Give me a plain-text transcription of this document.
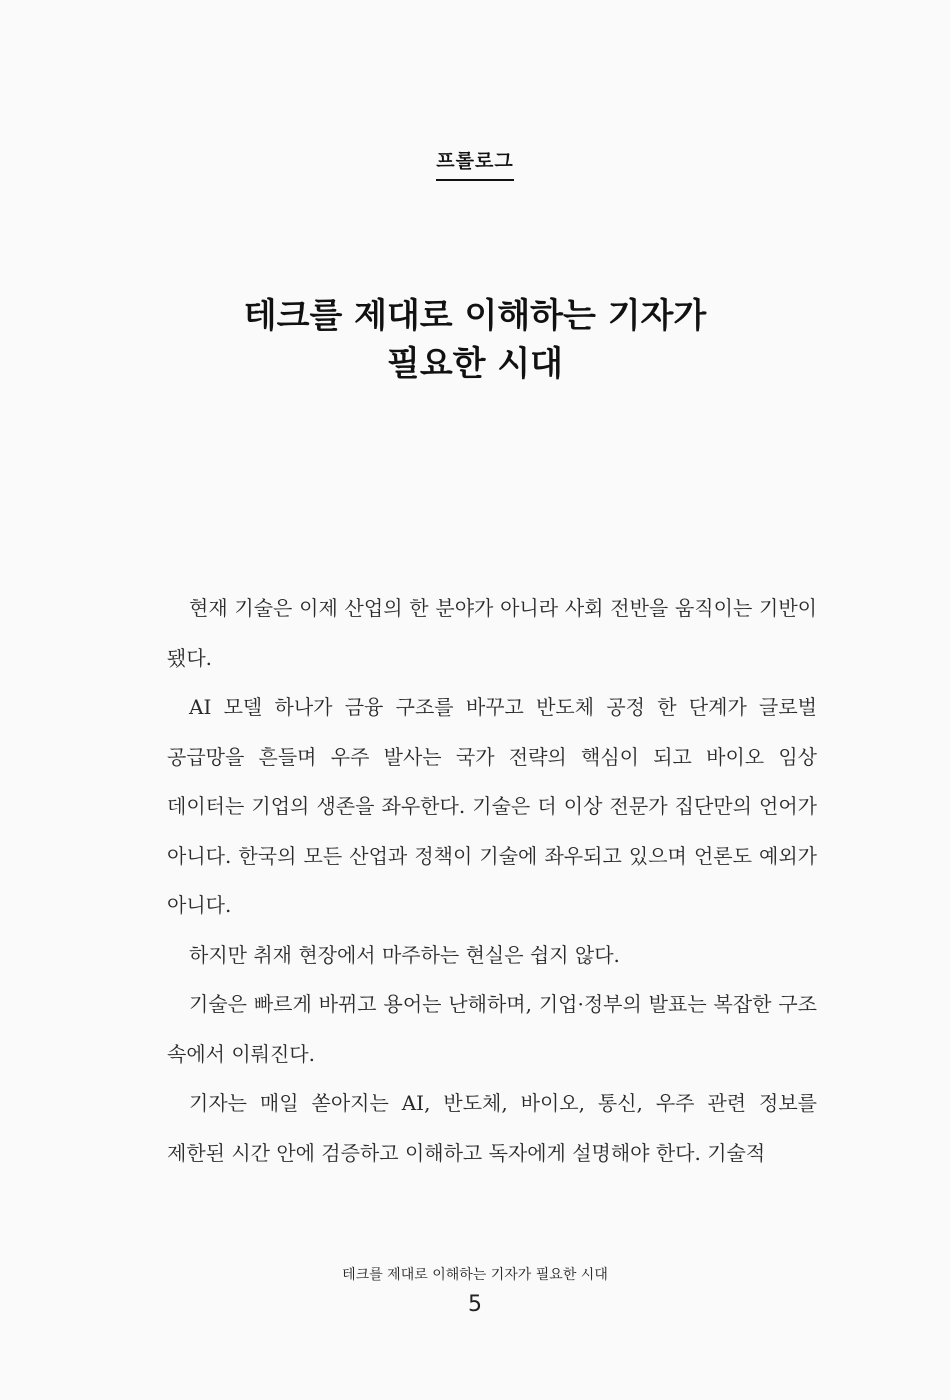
프롤로그
테크를 제대로 이해하는 기자가
필요한 시대

현재 기술은 이제 산업의 한 분야가 아니라 사회 전반을 움직이는 기반이 됐다.

AI 모델 하나가 금융 구조를 바꾸고 반도체 공정 한 단계가 글로벌 공급망을 흔들며 우주 발사는 국가 전략의 핵심이 되고 바이오 임상 데이터는 기업의 생존을 좌우한다. 기술은 더 이상 전문가 집단만의 언어가 아니다. 한국의 모든 산업과 정책이 기술에 좌우되고 있으며 언론도 예외가 아니다.

하지만 취재 현장에서 마주하는 현실은 쉽지 않다.

기술은 빠르게 바뀌고 용어는 난해하며, 기업·정부의 발표는 복잡한 구조 속에서 이뤄진다.

기자는 매일 쏟아지는 AI, 반도체, 바이오, 통신, 우주 관련 정보를 제한된 시간 안에 검증하고 이해하고 독자에게 설명해야 한다. 기술적

테크를 제대로 이해하는 기자가 필요한 시대
5
